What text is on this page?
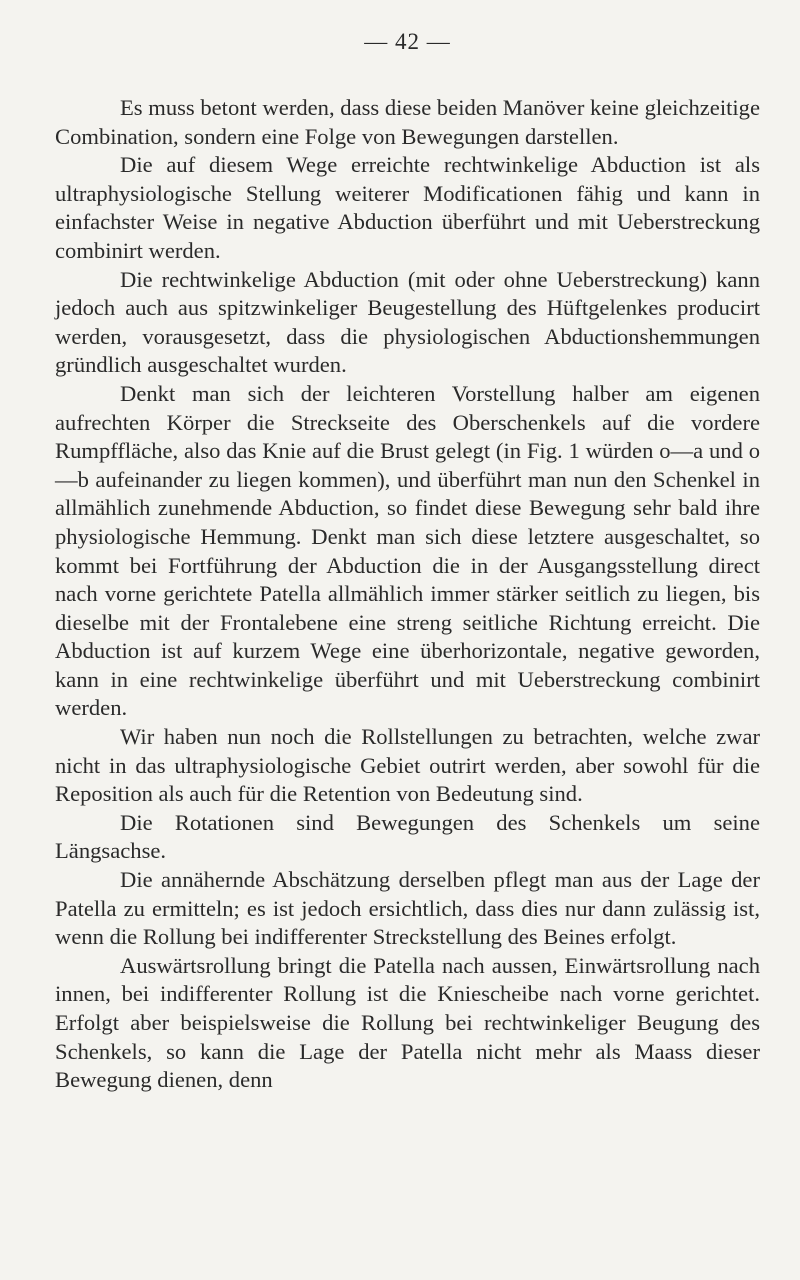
— 42 —

Es muss betont werden, dass diese beiden Manöver keine gleichzeitige Combination, sondern eine Folge von Bewegungen darstellen.

Die auf diesem Wege erreichte rechtwinkelige Abduction ist als ultraphysiologische Stellung weiterer Modificationen fähig und kann in einfachster Weise in negative Abduction überführt und mit Ueberstreckung combinirt werden.

Die rechtwinkelige Abduction (mit oder ohne Ueberstreckung) kann jedoch auch aus spitzwinkeliger Beugestellung des Hüftgelenkes producirt werden, vorausgesetzt, dass die physiologischen Abductionshemmungen gründlich ausgeschaltet wurden.

Denkt man sich der leichteren Vorstellung halber am eigenen aufrechten Körper die Streckseite des Oberschenkels auf die vordere Rumpffläche, also das Knie auf die Brust gelegt (in Fig. 1 würden o—a und o—b aufeinander zu liegen kommen), und überführt man nun den Schenkel in allmählich zunehmende Abduction, so findet diese Bewegung sehr bald ihre physiologische Hemmung. Denkt man sich diese letztere ausgeschaltet, so kommt bei Fortführung der Abduction die in der Ausgangsstellung direct nach vorne gerichtete Patella allmählich immer stärker seitlich zu liegen, bis dieselbe mit der Frontalebene eine streng seitliche Richtung erreicht. Die Abduction ist auf kurzem Wege eine überhorizontale, negative geworden, kann in eine rechtwinkelige überführt und mit Ueberstreckung combinirt werden.

Wir haben nun noch die Rollstellungen zu betrachten, welche zwar nicht in das ultraphysiologische Gebiet outrirt werden, aber sowohl für die Reposition als auch für die Retention von Bedeutung sind.

Die Rotationen sind Bewegungen des Schenkels um seine Längsachse.

Die annähernde Abschätzung derselben pflegt man aus der Lage der Patella zu ermitteln; es ist jedoch ersichtlich, dass dies nur dann zulässig ist, wenn die Rollung bei indifferenter Streckstellung des Beines erfolgt.

Auswärtsrollung bringt die Patella nach aussen, Einwärtsrollung nach innen, bei indifferenter Rollung ist die Kniescheibe nach vorne gerichtet. Erfolgt aber beispielsweise die Rollung bei rechtwinkeliger Beugung des Schenkels, so kann die Lage der Patella nicht mehr als Maass dieser Bewegung dienen, denn
